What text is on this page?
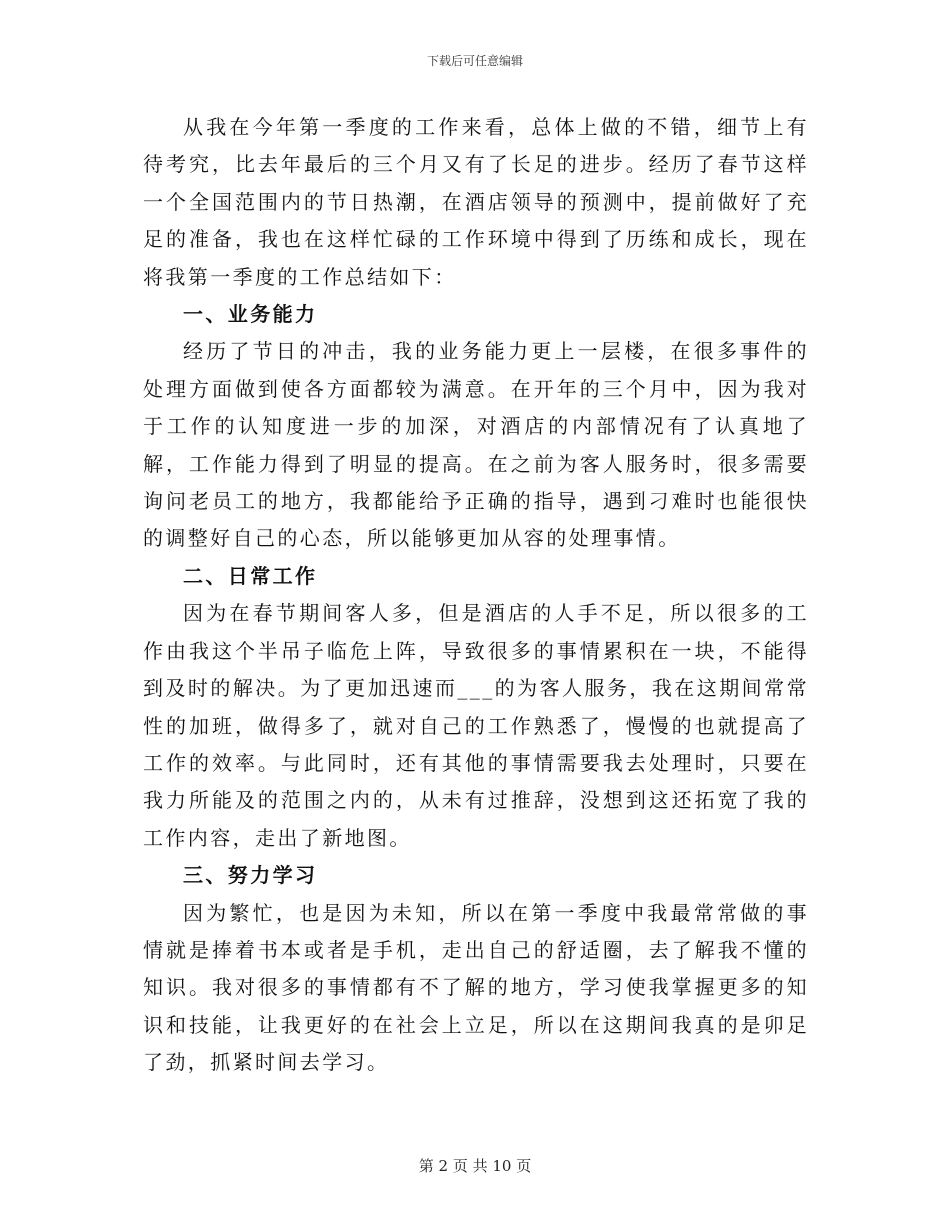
下载后可任意编辑

从我在今年第一季度的工作来看，总体上做的不错，细节上有待考究，比去年最后的三个月又有了长足的进步。经历了春节这样一个全国范围内的节日热潮，在酒店领导的预测中，提前做好了充足的准备，我也在这样忙碌的工作环境中得到了历练和成长，现在将我第一季度的工作总结如下：

一、业务能力

经历了节日的冲击，我的业务能力更上一层楼，在很多事件的处理方面做到使各方面都较为满意。在开年的三个月中，因为我对于工作的认知度进一步的加深，对酒店的内部情况有了认真地了解，工作能力得到了明显的提高。在之前为客人服务时，很多需要询问老员工的地方，我都能给予正确的指导，遇到刁难时也能很快的调整好自己的心态，所以能够更加从容的处理事情。

二、日常工作

因为在春节期间客人多，但是酒店的人手不足，所以很多的工作由我这个半吊子临危上阵，导致很多的事情累积在一块，不能得到及时的解决。为了更加迅速而___的为客人服务，我在这期间常常性的加班，做得多了，就对自己的工作熟悉了，慢慢的也就提高了工作的效率。与此同时，还有其他的事情需要我去处理时，只要在我力所能及的范围之内的，从未有过推辞，没想到这还拓宽了我的工作内容，走出了新地图。

三、努力学习

因为繁忙，也是因为未知，所以在第一季度中我最常常做的事情就是捧着书本或者是手机，走出自己的舒适圈，去了解我不懂的知识。我对很多的事情都有不了解的地方，学习使我掌握更多的知识和技能，让我更好的在社会上立足，所以在这期间我真的是卯足了劲，抓紧时间去学习。

第 2 页 共 10 页
